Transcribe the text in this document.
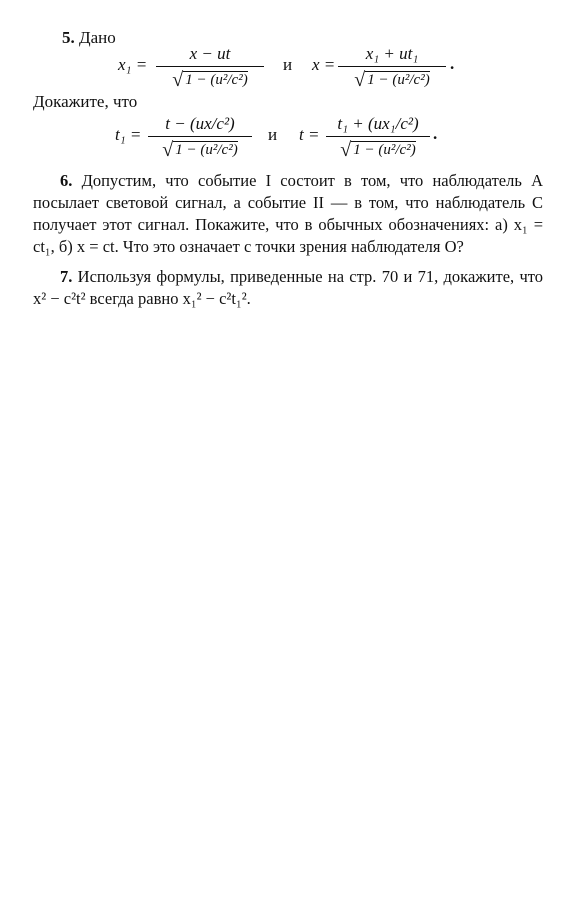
5. Дано
$x_1 = \frac{x - ut}{\text{√ 1 − (u²/c²)}}$ и $x = \frac{\text{x₁ + ut₁}}{\text{√ 1 − (u²/c²)}}$ .
Докажите, что
$t_1 = \frac{\text{t − (ux/c²)}}{\text{√ 1 − (u²/c²)}}$ и $t = \frac{\text{t₁ + (ux₁/c²)}}{\text{√ 1 − (u²/c²)}}$ .
6. Допустим, что событие I состоит в том, что наблюдатель A посылает световой сигнал, а событие II — в том, что наблюдатель C получает этот сигнал. Покажите, что в обычных обозначениях: а) x₁ = ct₁, б) x = ct. Что это означает с точки зрения наблюдателя O?
7. Используя формулы, приведенные на стр. 70 и 71, докажите, что x² − c²t² всегда равно x₁² − c²t₁².
